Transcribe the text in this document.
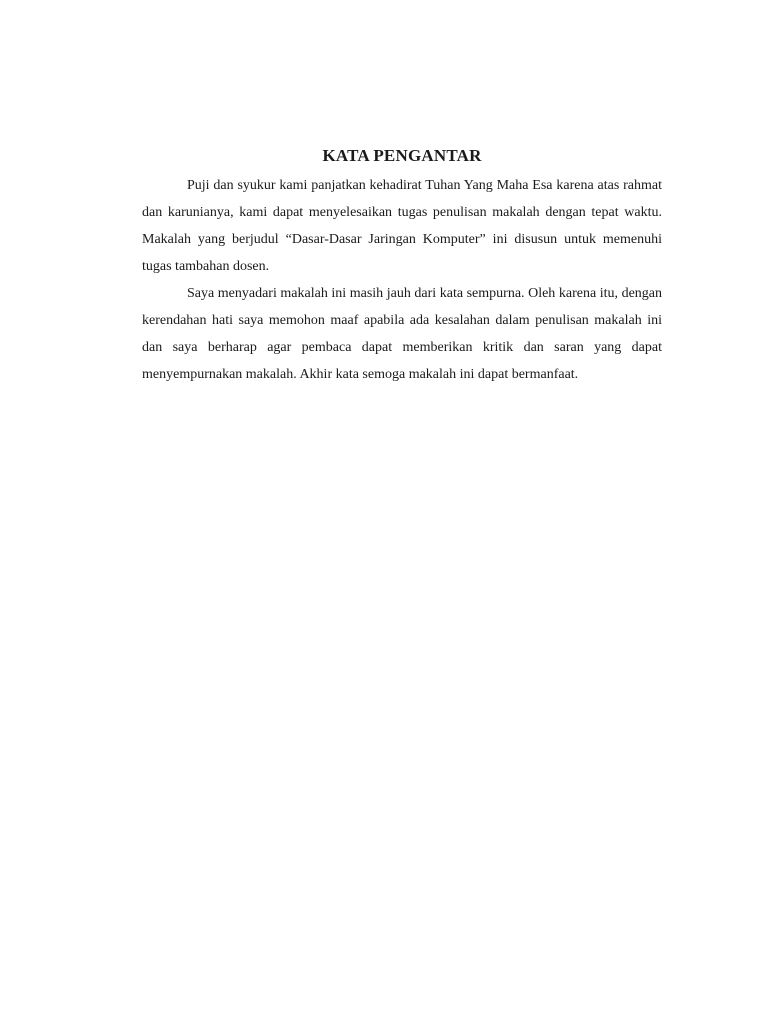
KATA PENGANTAR

Puji dan syukur kami panjatkan kehadirat Tuhan Yang Maha Esa karena atas rahmat dan karunianya, kami dapat menyelesaikan tugas penulisan makalah dengan tepat waktu. Makalah yang berjudul “Dasar-Dasar Jaringan Komputer” ini disusun untuk memenuhi tugas tambahan dosen.

Saya menyadari makalah ini masih jauh dari kata sempurna. Oleh karena itu, dengan kerendahan hati saya memohon maaf apabila ada kesalahan dalam penulisan makalah ini dan saya berharap agar pembaca dapat memberikan kritik dan saran yang dapat menyempurnakan makalah. Akhir kata semoga makalah ini dapat bermanfaat.
